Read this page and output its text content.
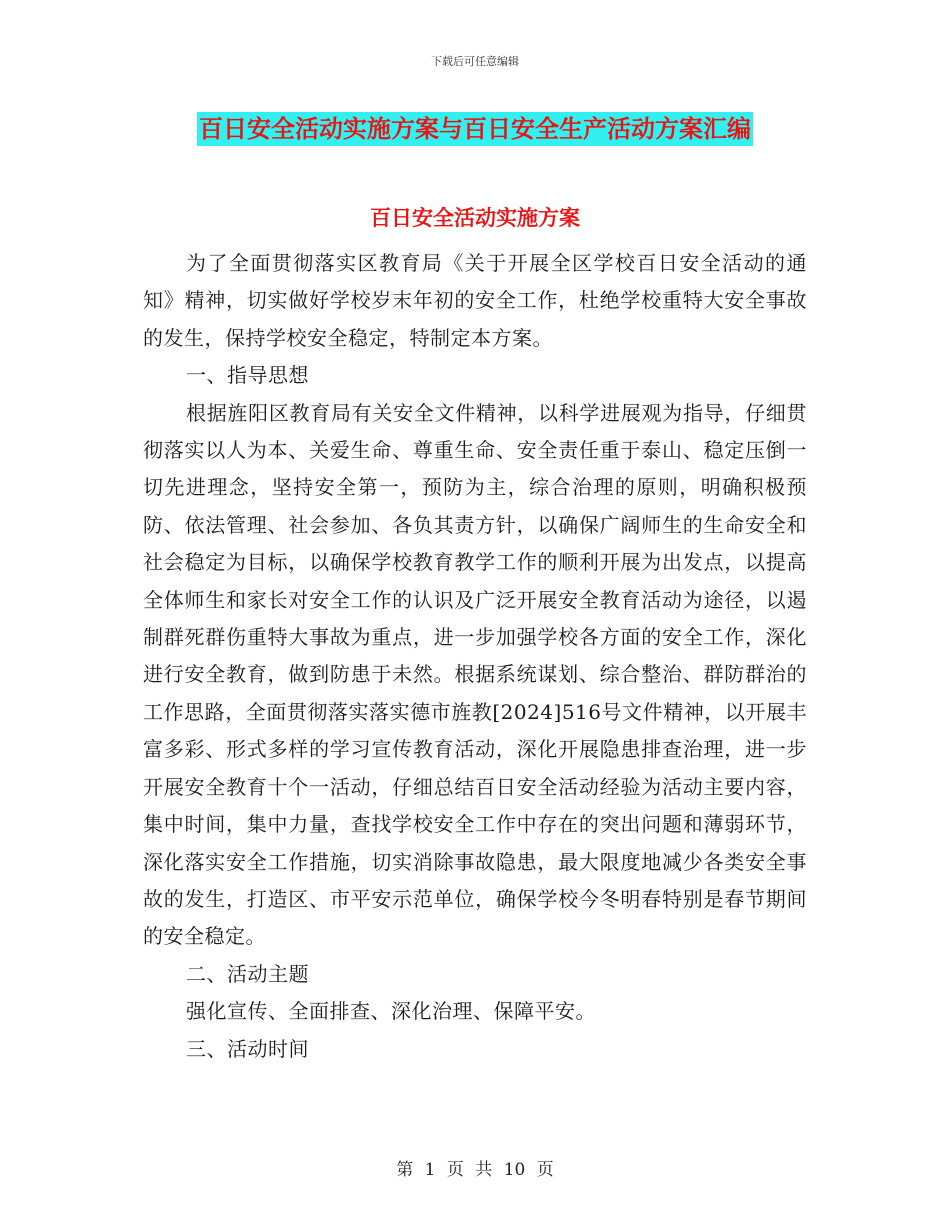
下载后可任意编辑
百日安全活动实施方案与百日安全生产活动方案汇编
百日安全活动实施方案

为了全面贯彻落实区教育局《关于开展全区学校百日安全活动的通知》精神，切实做好学校岁末年初的安全工作，杜绝学校重特大安全事故的发生，保持学校安全稳定，特制定本方案。

一、指导思想

根据旌阳区教育局有关安全文件精神，以科学进展观为指导，仔细贯彻落实以人为本、关爱生命、尊重生命、安全责任重于泰山、稳定压倒一切先进理念，坚持安全第一，预防为主，综合治理的原则，明确积极预防、依法管理、社会参加、各负其责方针，以确保广阔师生的生命安全和社会稳定为目标，以确保学校教育教学工作的顺利开展为出发点，以提高全体师生和家长对安全工作的认识及广泛开展安全教育活动为途径，以遏制群死群伤重特大事故为重点，进一步加强学校各方面的安全工作，深化进行安全教育，做到防患于未然。根据系统谋划、综合整治、群防群治的工作思路，全面贯彻落实落实德市旌教[2024]516号文件精神，以开展丰富多彩、形式多样的学习宣传教育活动，深化开展隐患排查治理，进一步开展安全教育十个一活动，仔细总结百日安全活动经验为活动主要内容，集中时间，集中力量，查找学校安全工作中存在的突出问题和薄弱环节，深化落实安全工作措施，切实消除事故隐患，最大限度地减少各类安全事故的发生，打造区、市平安示范单位，确保学校今冬明春特别是春节期间的安全稳定。

二、活动主题

强化宣传、全面排查、深化治理、保障平安。

三、活动时间

第 1 页 共 10 页
